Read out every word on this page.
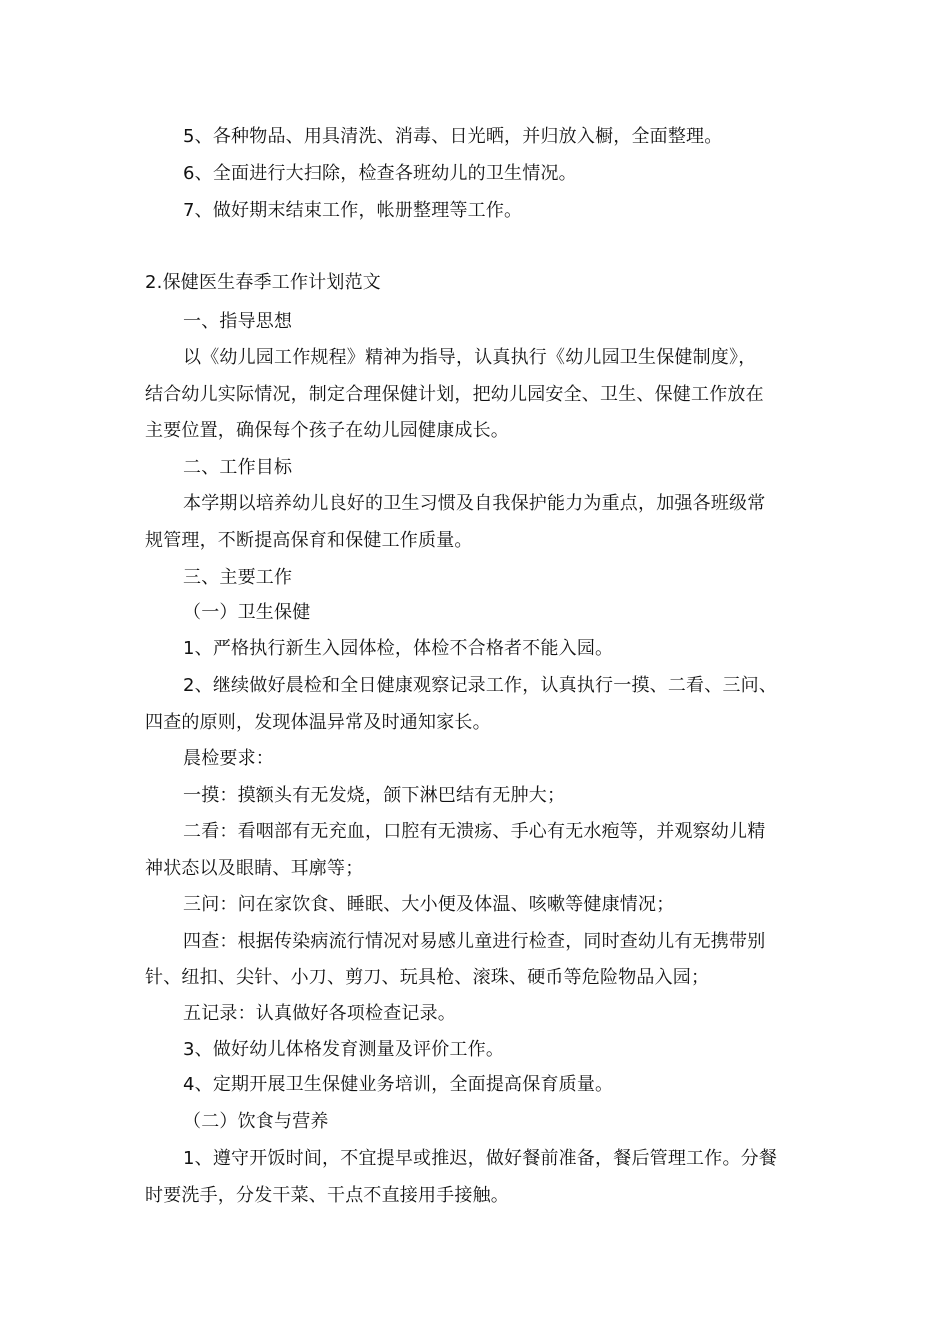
5、各种物品、用具清洗、消毒、日光晒，并归放入橱，全面整理。
6、全面进行大扫除，检查各班幼儿的卫生情况。
7、做好期末结束工作，帐册整理等工作。
2.保健医生春季工作计划范文
一、指导思想
以《幼儿园工作规程》精神为指导，认真执行《幼儿园卫生保健制度》，
结合幼儿实际情况，制定合理保健计划，把幼儿园安全、卫生、保健工作放在
主要位置，确保每个孩子在幼儿园健康成长。
二、工作目标
本学期以培养幼儿良好的卫生习惯及自我保护能力为重点，加强各班级常
规管理，不断提高保育和保健工作质量。
三、主要工作
（一）卫生保健
1、严格执行新生入园体检，体检不合格者不能入园。
2、继续做好晨检和全日健康观察记录工作，认真执行一摸、二看、三问、
四查的原则，发现体温异常及时通知家长。
晨检要求：
一摸：摸额头有无发烧，颌下淋巴结有无肿大；
二看：看咽部有无充血，口腔有无溃疡、手心有无水疱等，并观察幼儿精
神状态以及眼睛、耳廓等；
三问：问在家饮食、睡眠、大小便及体温、咳嗽等健康情况；
四查：根据传染病流行情况对易感儿童进行检查，同时查幼儿有无携带别
针、纽扣、尖针、小刀、剪刀、玩具枪、滚珠、硬币等危险物品入园；
五记录：认真做好各项检查记录。
3、做好幼儿体格发育测量及评价工作。
4、定期开展卫生保健业务培训，全面提高保育质量。
（二）饮食与营养
1、遵守开饭时间，不宜提早或推迟，做好餐前准备，餐后管理工作。分餐
时要洗手，分发干菜、干点不直接用手接触。
